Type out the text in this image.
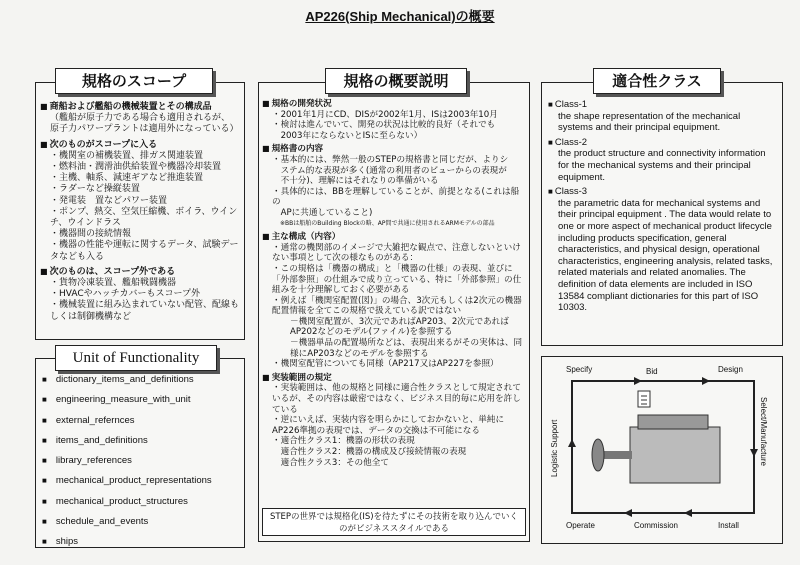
AP226(Ship Mechanical)の概要
規格のスコープ
■ 商船および艦船の機械装置とその構成品
（艦船が原子力である場合も適用されるが、
原子力パワープラントは適用外になっている）
■ 次のものがスコープに入る
・機関室の補機装置、排ガス関連装置
・燃料油・潤滑油供給装置や機器冷却装置
・主機、軸系、減速ギアなど推進装置
・ラダーなど操縦装置
・発電装　置などパワー装置
・ポンプ、熱交、空気圧縮機、ボイラ、ウインチ、ウインドラス
・機器間の接続情報
・機器の性能や運転に関するデータ、試験データなども入る
■ 次のものは、スコープ外である
・貨物冷凍装置、艦船戦闘機器
・HVACやハッチカバーもスコープ外
・機械装置に組み込まれていない配管、配線もしくは制御機構など
Unit of Functionality
■ dictionary_items_and_definitions
■ engineering_measure_with_unit
■ external_refernces
■ items_and_definitions
■ library_references
■ mechanical_product_representations
■ mechanical_product_structures
■ schedule_and_events
■ ships
規格の概要説明
■ 規格の開発状況
・2001年1月にCD、DISが2002年1月、ISは2003年10月
・検討は進んでいて、開発の状況は比較的良好（それでも
　2003年にならないとISに至らない）
■ 規格書の内容
・基本的には、弊然一般のSTEPの規格書と同じだが、よりシ
　ステム的な表現が多く(通常の利用者のビューからの表現が
　不十分)、理解にはそれなりの準備がいる
・具体的には、BBを理解していることが、前提となる(これは船の
　APに共通していること)
※BBは船舶のBuilding Blockの略、AP間で共通に使用されるARMモデルの部品
■ 主な構成（内容）
・通常の機関部のイメージで大雑把な観点で、注意しないといけない事項として次の様なものがある：
・この規格は「機器の構成」と「機器の仕様」の表現、並びに「外部参照」の仕組みで成り立っている、特に「外部参照」の仕組みを十分理解しておく必要がある
・例えば「機関室配置(図)」の場合、3次元もしくは2次元の機器配置情報を全てこの規格で扱えている訳ではない
－機関室配置が、3次元であればAP203、2次元であればAP202などのモデル(ファイル)を参照する
－機器単品の配置場所などは、表現出来るがその実体は、同様にAP203などのモデルを参照する
・機関室配管についても同様（AP217又はAP227を参照）
■ 実装範囲の規定
・実装範囲は、他の規格と同様に適合性クラスとして規定されているが、その内容は厳密ではなく、ビジネス目的毎に応用を許している
・逆にいえば、実装内容を明らかにしておかないと、単純にAP226準拠の表現では、データの交換は不可能になる
・適合性クラス1：機器の形状の表現
　適合性クラス2：機器の構成及び接続情報の表現
　適合性クラス3：その他全て
STEPの世界では規格化(IS)を待たずにその技術を取り込んでいくのがビジネススタイルである
適合性クラス
■ Class-1
the shape representation of the mechanical systems and their principal equipment.
■ Class-2
the product structure and connectivity information for the mechanical systems and their principal equipment.
■ Class-3
the parametric data for mechanical systems and their principal equipment . The data would relate to one or more aspect of mechanical product lifecycle including products specification, general characteristics, and physical design, operational characteristics, engineering analysis, related tasks, related materials and related anomalies. The definition of data elements are included in ISO 13584 compliant dictionaries for this part of ISO 10303.
Specify	Bid	Design
Select/Manufacture
Install
Commission
Operate
Logistic Support
